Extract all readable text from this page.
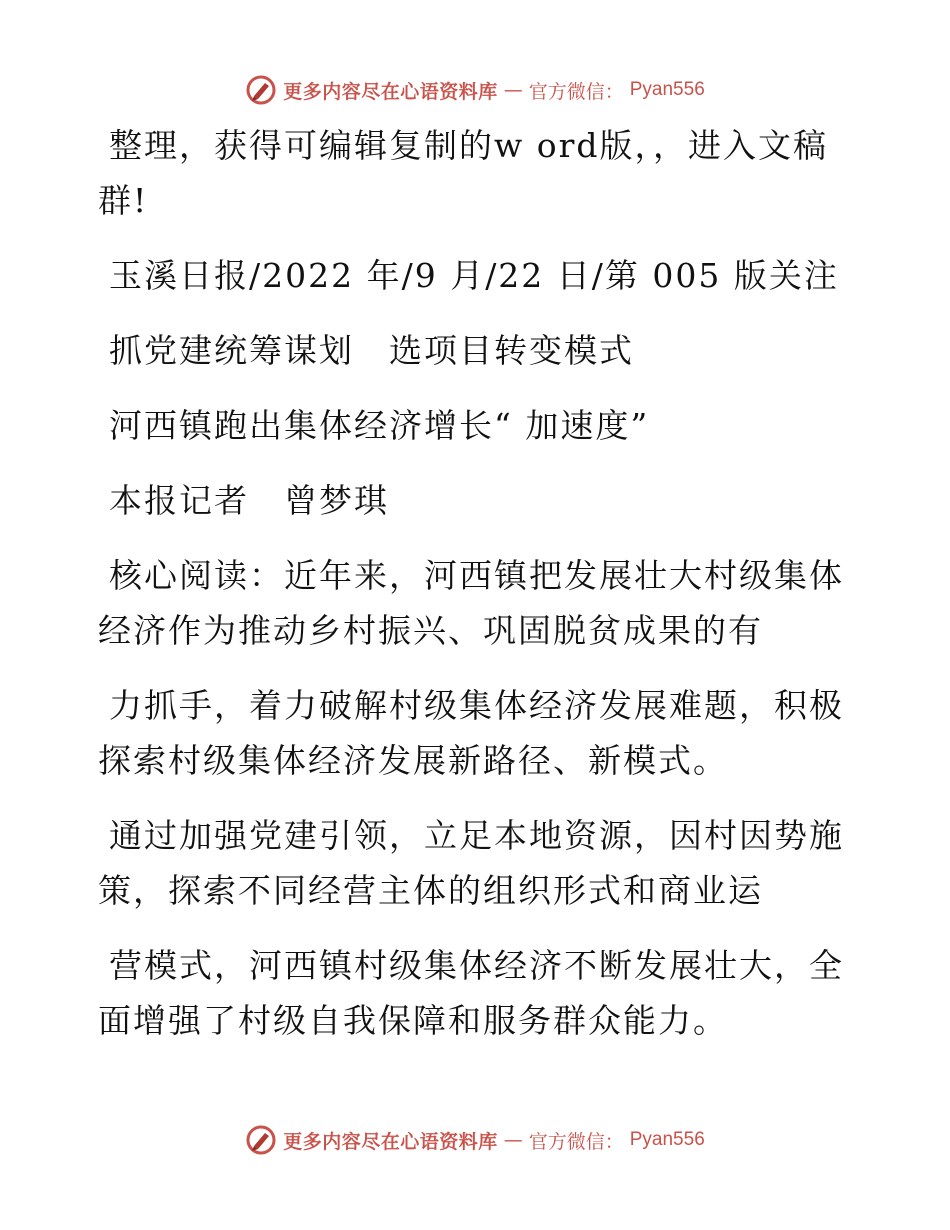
更多内容尽在心语资料库 — 官方微信： Pyan556
整理，获得可编辑复制的w ord版，，进入文稿
群!
玉溪日报/2022 年/9 月/22 日/第 005 版关注
抓党建统筹谋划　选项目转变模式
河西镇跑出集体经济增长“ 加速度”
本报记者　曾梦琪
核心阅读：近年来，河西镇把发展壮大村级集体
经济作为推动乡村振兴、巩固脱贫成果的有
力抓手，着力破解村级集体经济发展难题，积极
探索村级集体经济发展新路径、新模式。
通过加强党建引领，立足本地资源，因村因势施
策，探索不同经营主体的组织形式和商业运
营模式，河西镇村级集体经济不断发展壮大，全
面增强了村级自我保障和服务群众能力。
更多内容尽在心语资料库 — 官方微信： Pyan556
